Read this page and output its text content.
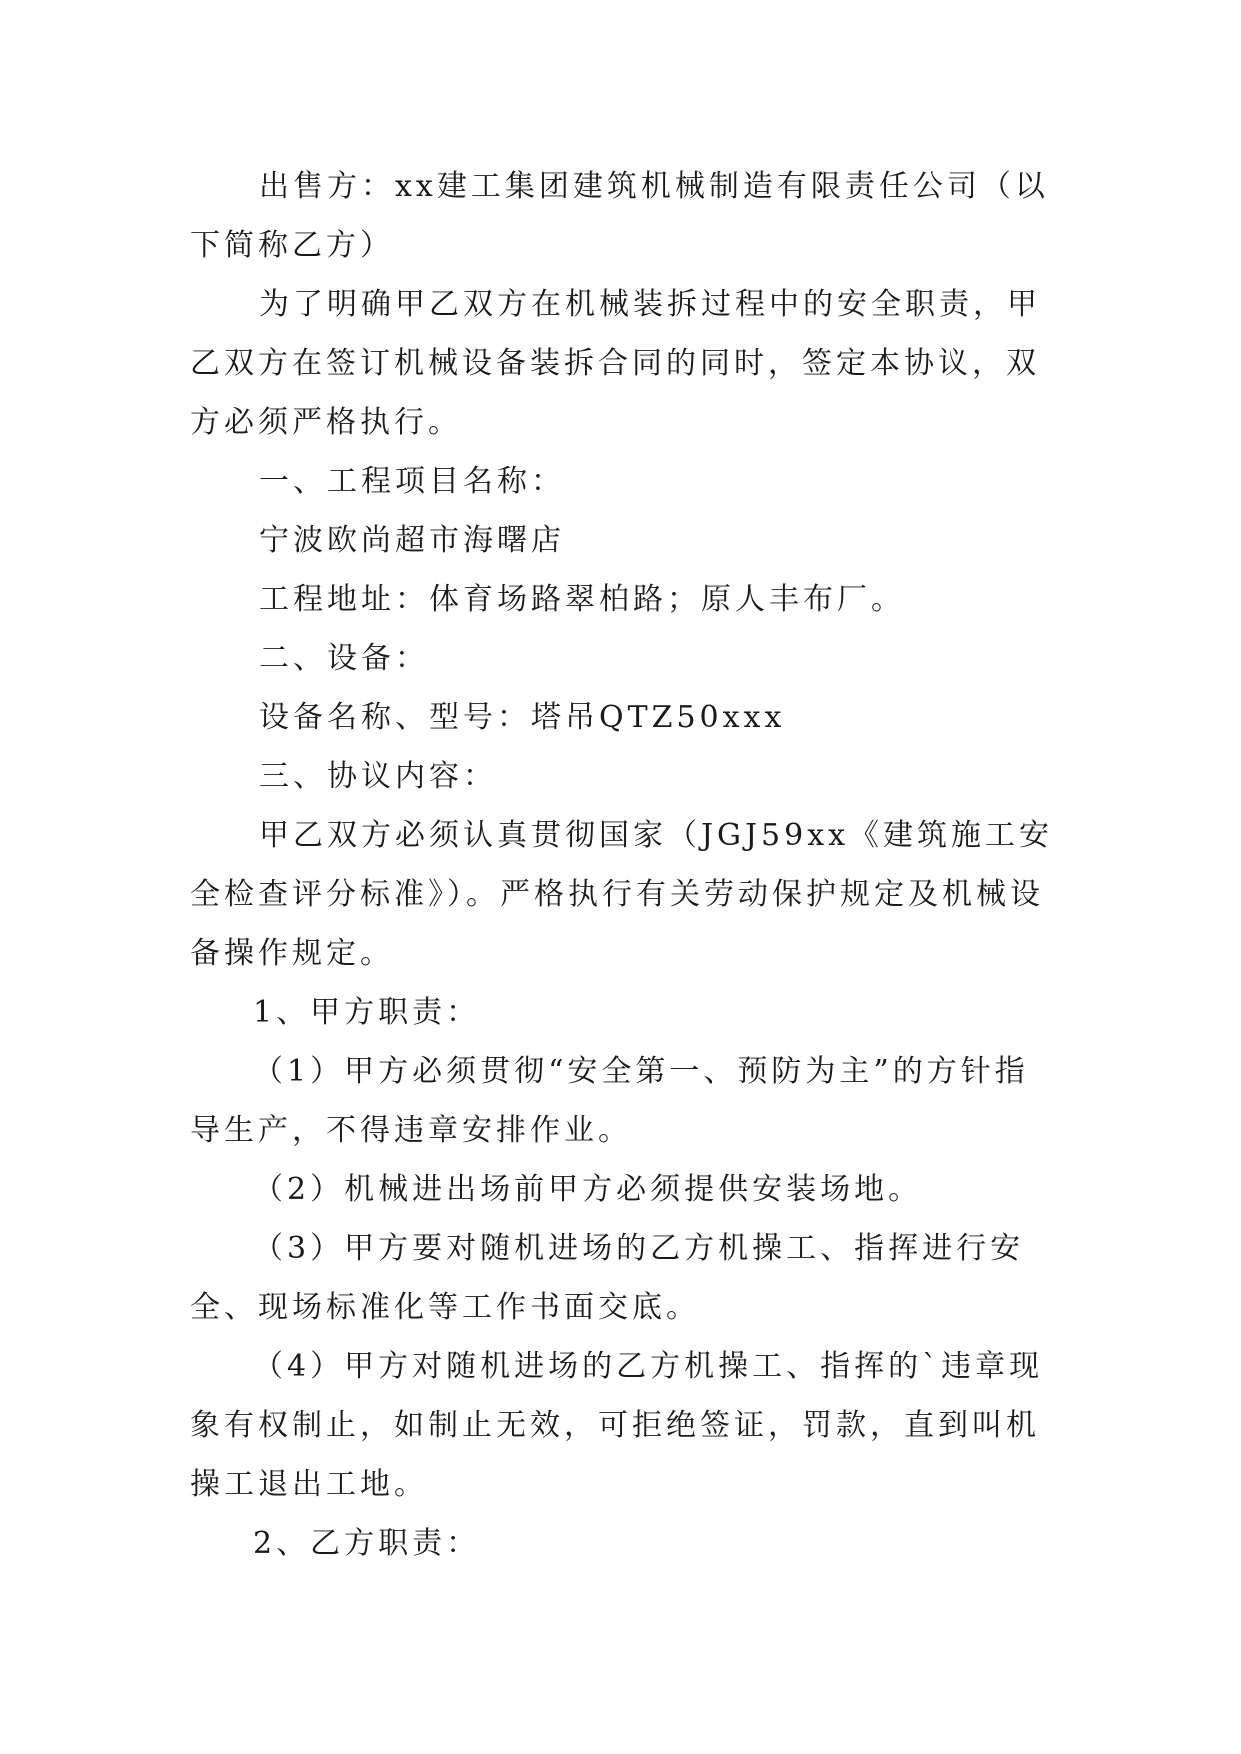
出售方：xx建工集团建筑机械制造有限责任公司（以下简称乙方）

为了明确甲乙双方在机械装拆过程中的安全职责，甲乙双方在签订机械设备装拆合同的同时，签定本协议，双方必须严格执行。

一、工程项目名称：

宁波欧尚超市海曙店

工程地址：体育场路翠柏路；原人丰布厂。

二、设备：

设备名称、型号：塔吊QTZ50xxx

三、协议内容：

甲乙双方必须认真贯彻国家（JGJ59xx《建筑施工安全检查评分标准》）。严格执行有关劳动保护规定及机械设备操作规定。

1、甲方职责：

（1）甲方必须贯彻“安全第一、预防为主”的方针指导生产，不得违章安排作业。

（2）机械进出场前甲方必须提供安装场地。

（3）甲方要对随机进场的乙方机操工、指挥进行安全、现场标准化等工作书面交底。

（4）甲方对随机进场的乙方机操工、指挥的`违章现象有权制止，如制止无效，可拒绝签证，罚款，直到叫机操工退出工地。

2、乙方职责：
